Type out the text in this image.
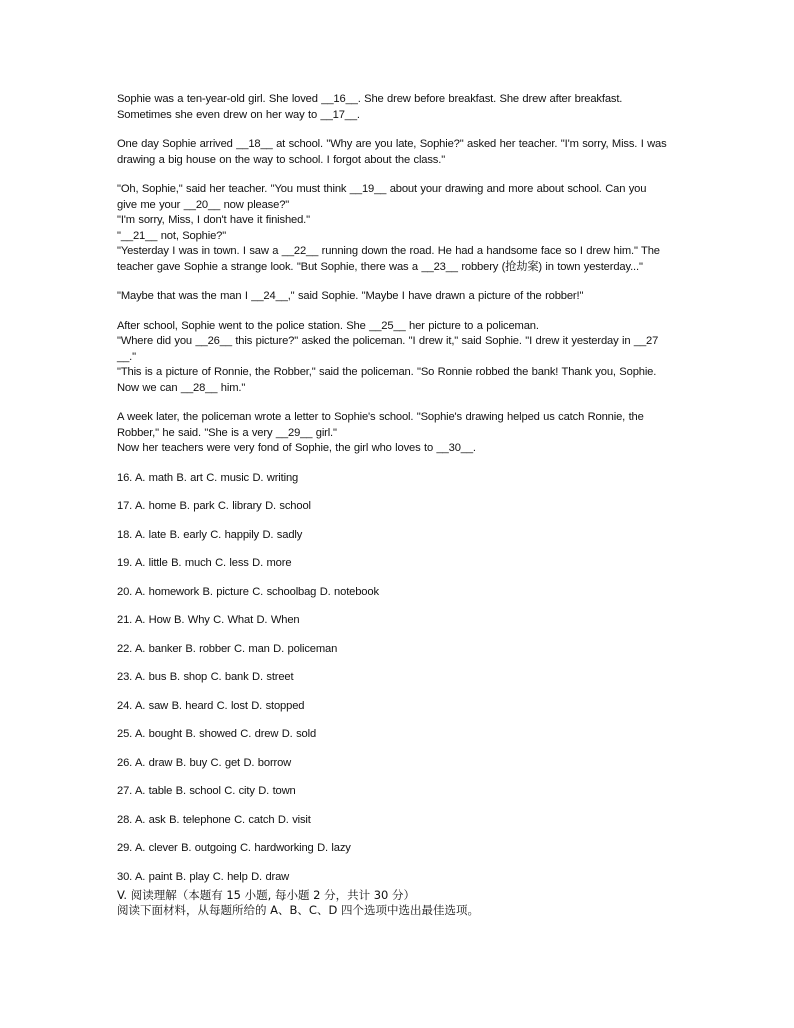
Sophie was a ten-year-old girl. She loved __16__. She drew before breakfast. She drew after breakfast.
Sometimes she even drew on her way to __17__.
One day Sophie arrived __18__ at school. "Why are you late, Sophie?" asked her teacher. "I'm sorry, Miss. I was
drawing a big house on the way to school. I forgot about the class."
"Oh, Sophie," said her teacher. "You must think __19__ about your drawing and more about school. Can you
give me your __20__ now please?"
"I'm sorry, Miss, I don't have it finished."
"__21__ not, Sophie?"
"Yesterday I was in town. I saw a __22__ running down the road. He had a handsome face so I drew him." The
teacher gave Sophie a strange look. "But Sophie, there was a __23__ robbery (抢劫案) in town yesterday..."
"Maybe that was the man I __24__," said Sophie. "Maybe I have drawn a picture of the robber!"
After school, Sophie went to the police station. She __25__ her picture to a policeman.
"Where did you __26__ this picture?" asked the policeman. "I drew it," said Sophie. "I drew it yesterday in __27
__."
"This is a picture of Ronnie, the Robber," said the policeman. "So Ronnie robbed the bank! Thank you, Sophie.
Now we can __28__ him."
A week later, the policeman wrote a letter to Sophie's school. "Sophie's drawing helped us catch Ronnie, the
Robber," he said. "She is a very __29__ girl."
Now her teachers were very fond of Sophie, the girl who loves to __30__.
16. A. math B. art C. music D. writing
17. A. home B. park C. library D. school
18. A. late B. early C. happily D. sadly
19. A. little B. much C. less D. more
20. A. homework B. picture C. schoolbag D. notebook
21. A. How B. Why C. What D. When
22. A. banker B. robber C. man D. policeman
23. A. bus B. shop C. bank D. street
24. A. saw B. heard C. lost D. stopped
25. A. bought B. showed C. drew D. sold
26. A. draw B. buy C. get D. borrow
27. A. table B. school C. city D. town
28. A. ask B. telephone C. catch D. visit
29. A. clever B. outgoing C. hardworking D. lazy
30. A. paint B. play C. help D. draw
V. 阅读理解（本题有 15 小题, 每小题 2 分，共计 30 分）
阅读下面材料，从每题所给的 A、B、C、D 四个选项中选出最佳选项。
